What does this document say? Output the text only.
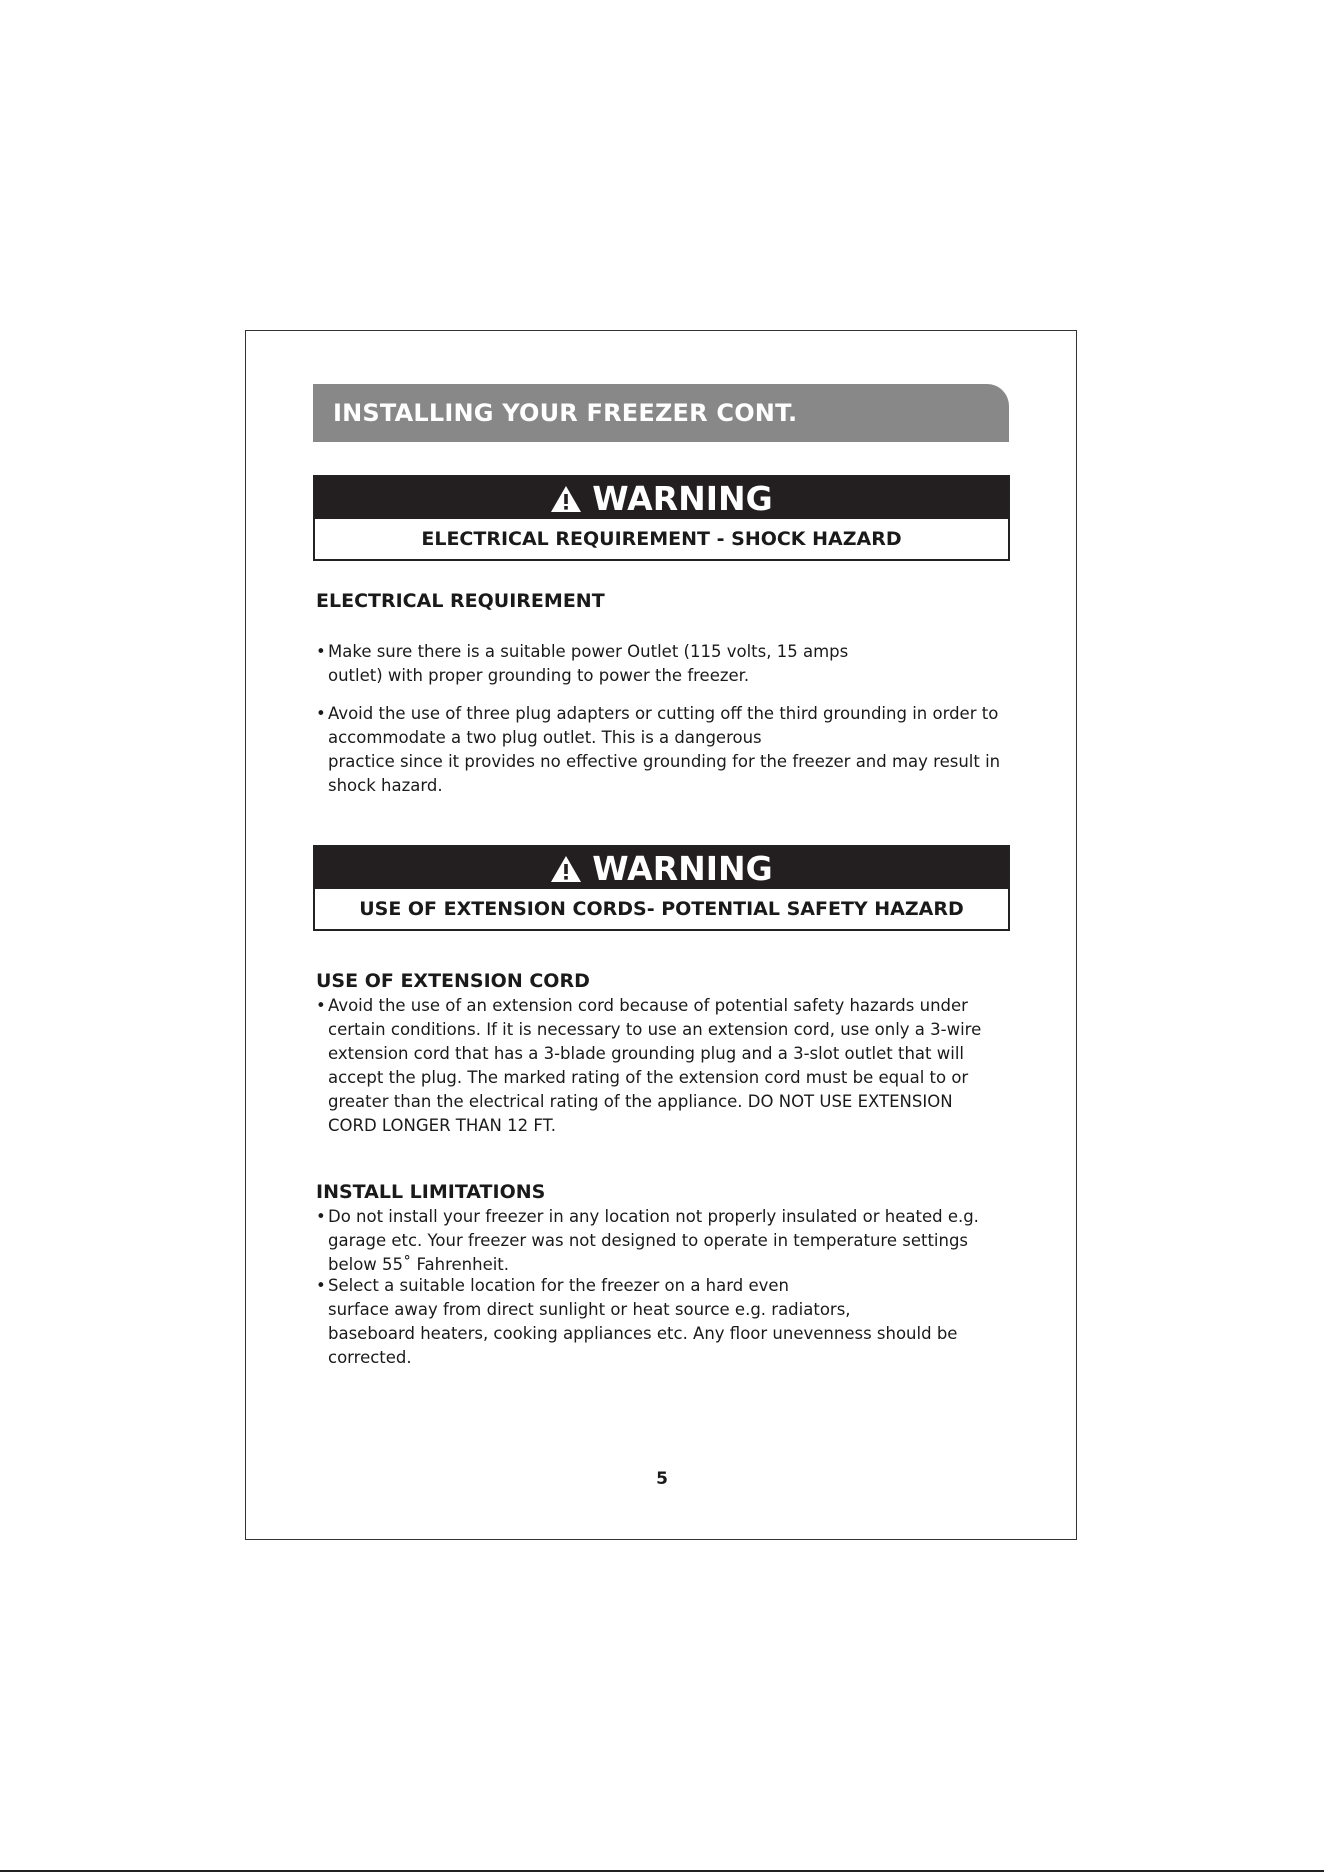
INSTALLING YOUR FREEZER CONT.
WARNING
ELECTRICAL REQUIREMENT - SHOCK HAZARD
ELECTRICAL REQUIREMENT

• Make sure there is a suitable power Outlet (115 volts, 15 amps
outlet) with proper grounding to power the freezer.

• Avoid the use of three plug adapters or cutting off the third grounding in order to
accommodate a two plug outlet. This is a dangerous
practice since it provides no effective grounding for the freezer and may result in
shock hazard.

WARNING
USE OF EXTENSION CORDS- POTENTIAL SAFETY HAZARD
USE OF EXTENSION CORD

• Avoid the use of an extension cord because of potential safety hazards under
certain conditions. If it is necessary to use an extension cord, use only a 3-wire
extension cord that has a 3-blade grounding plug and a 3-slot outlet that will
accept the plug. The marked rating of the extension cord must be equal to or
greater than the electrical rating of the appliance. DO NOT USE EXTENSION
CORD LONGER THAN 12 FT.

INSTALL LIMITATIONS

• Do not install your freezer in any location not properly insulated or heated e.g.
garage etc. Your freezer was not designed to operate in temperature settings
below 55˚ Fahrenheit.

• Select a suitable location for the freezer on a hard even
surface away from direct sunlight or heat source e.g. radiators,
baseboard heaters, cooking appliances etc. Any floor unevenness should be
corrected.

5
